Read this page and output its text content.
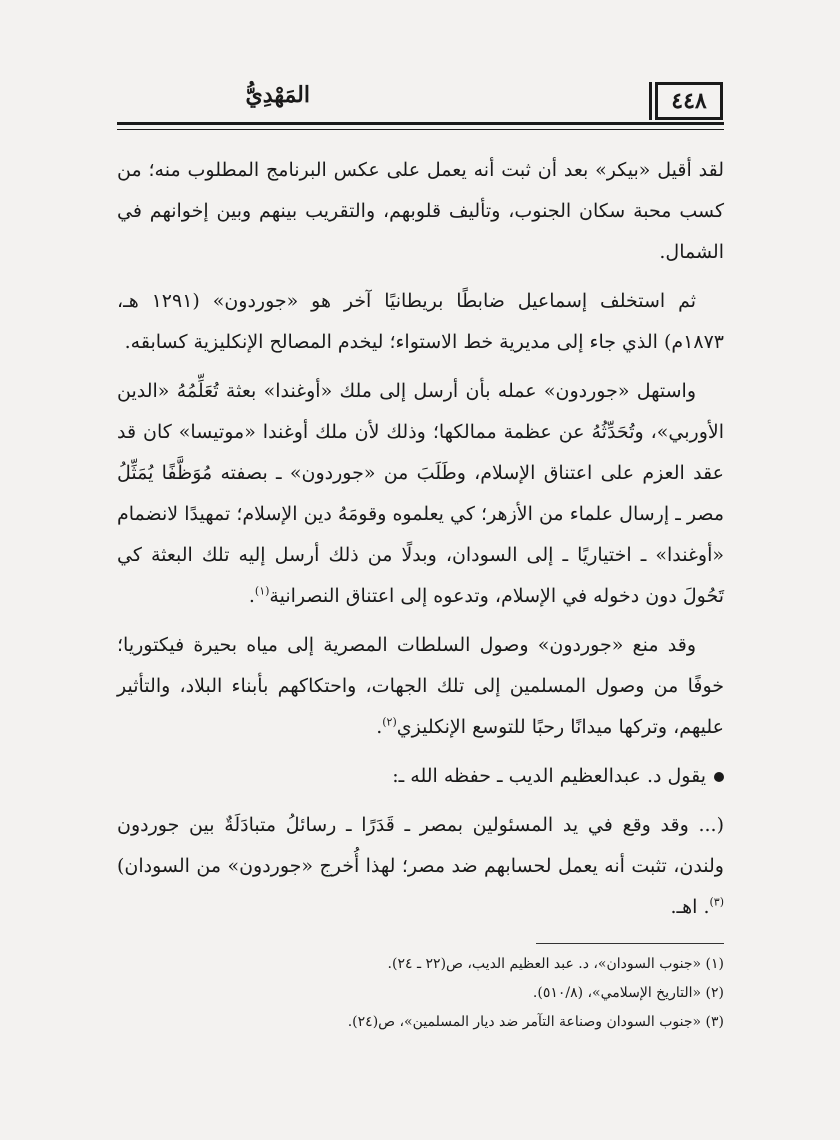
٤٤٨
المَهْدِيُّ

لقد أقيل «بيكر» بعد أن ثبت أنه يعمل على عكس البرنامج المطلوب منه؛ من كسب محبة سكان الجنوب، وتأليف قلوبهم، والتقريب بينهم وبين إخوانهم في الشمال.

ثم استخلف إسماعيل ضابطًا بريطانيًا آخر هو «جوردون» (١٢٩١ هـ، ١٨٧٣م) الذي جاء إلى مديرية خط الاستواء؛ ليخدم المصالح الإنكليزية كسابقه.

واستهل «جوردون» عمله بأن أرسل إلى ملك «أوغندا» بعثة تُعَلِّمُهُ «الدين الأوربي»، وتُحَدِّثُهُ عن عظمة ممالكها؛ وذلك لأن ملك أوغندا «موتيسا» كان قد عقد العزم على اعتناق الإسلام، وطَلَبَ من «جوردون» ـ بصفته مُوَظَّفًا يُمَثِّلُ مصر ـ إرسال علماء من الأزهر؛ كي يعلموه وقومَهُ دين الإسلام؛ تمهيدًا لانضمام «أوغندا» ـ اختياريًا ـ إلى السودان، وبدلًا من ذلك أرسل إليه تلك البعثة كي تَحُولَ دون دخوله في الإسلام، وتدعوه إلى اعتناق النصرانية$^{(١)}$.

وقد منع «جوردون» وصول السلطات المصرية إلى مياه بحيرة فيكتوريا؛ خوفًا من وصول المسلمين إلى تلك الجهات، واحتكاكهم بأبناء البلاد، والتأثير عليهم، وتركها ميدانًا رحبًا للتوسع الإنكليزي$^{(٢)}$.

يقول د. عبدالعظيم الديب ـ حفظه الله ـ:

(... وقد وقع في يد المسئولين بمصر ـ قَدَرًا ـ رسائلُ متبادَلَةٌ بين جوردون ولندن، تثبت أنه يعمل لحسابهم ضد مصر؛ لهذا أُخرج «جوردون» من السودان)$^{(٣)}$. اهـ.

(١) «جنوب السودان»، د. عبد العظيم الديب، ص(٢٢ ـ ٢٤).
(٢) «التاريخ الإسلامي»، (٥١٠/٨).
(٣) «جنوب السودان وصناعة التآمر ضد ديار المسلمين»، ص(٢٤).
